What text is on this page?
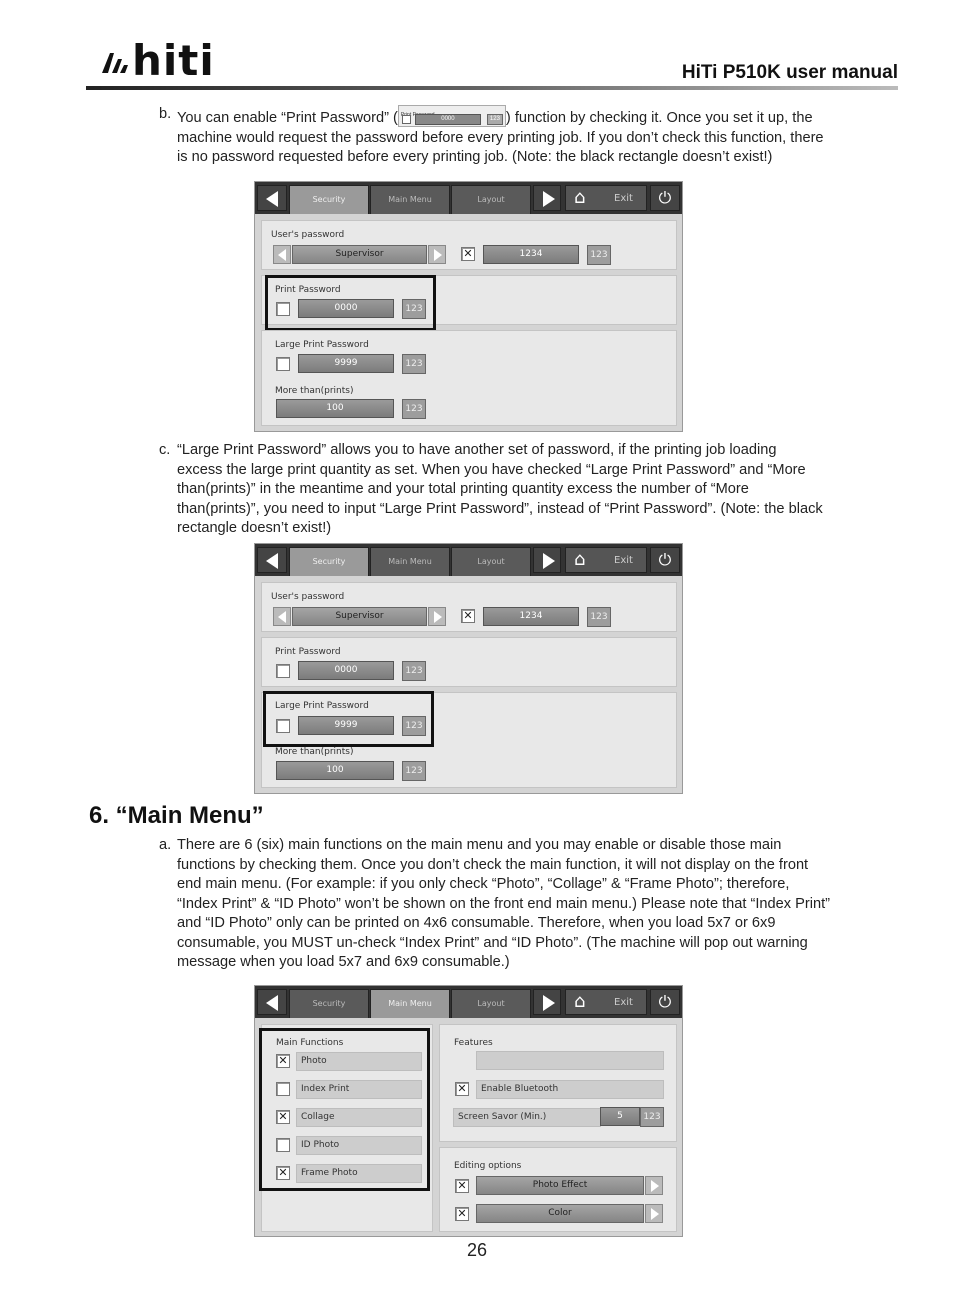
hiti	HiTi P510K user manual
b. You can enable “Print Password” (	0000	123 ) function by checking it. Once you set it up, the
machine would request the password before every printing job. If you don’t check this function, there
is no password requested before every printing job. (Note: the black rectangle doesn’t exist!)
Security	Main Menu	Layout	⌂	Exit	⏻
User's password
Supervisor	✕	1234	123
Print Password
0000	123
Large Print Password
9999	123
More than(prints)
100	123
c. “Large Print Password” allows you to have another set of password, if the printing job loading
excess the large print quantity as set. When you have checked “Large Print Password” and “More
than(prints)” in the meantime and your total printing quantity excess the number of “More
than(prints)”, you need to input “Large Print Password”, instead of “Print Password”. (Note: the black
rectangle doesn’t exist!)
Security	Main Menu	Layout	⌂	Exit	⏻
User's password
Supervisor	✕	1234	123
Print Password
0000	123
Large Print Password
9999	123
More than(prints)
100	123
6. “Main Menu”
a. There are 6 (six) main functions on the main menu and you may enable or disable those main
functions by checking them. Once you don’t check the main function, it will not display on the front
end main menu. (For example: if you only check “Photo”, “Collage” & “Frame Photo”; therefore,
“Index Print” & “ID Photo” won’t be shown on the front end main menu.) Please note that “Index Print”
and “ID Photo” only can be printed on 4x6 consumable. Therefore, when you load 5x7 or 6x9
consumable, you MUST un-check “Index Print” and “ID Photo”. (The machine will pop out warning
message when you load 5x7 and 6x9 consumable.)
Security	Main Menu	Layout	⌂	Exit	⏻
Main Functions
✕	Photo
Index Print
✕	Collage
ID Photo
✕	Frame Photo
Features
✕	Enable Bluetooth
Screen Savor (Min.)	5	123
Editing options
✕	Photo Effect
✕	Color
26
